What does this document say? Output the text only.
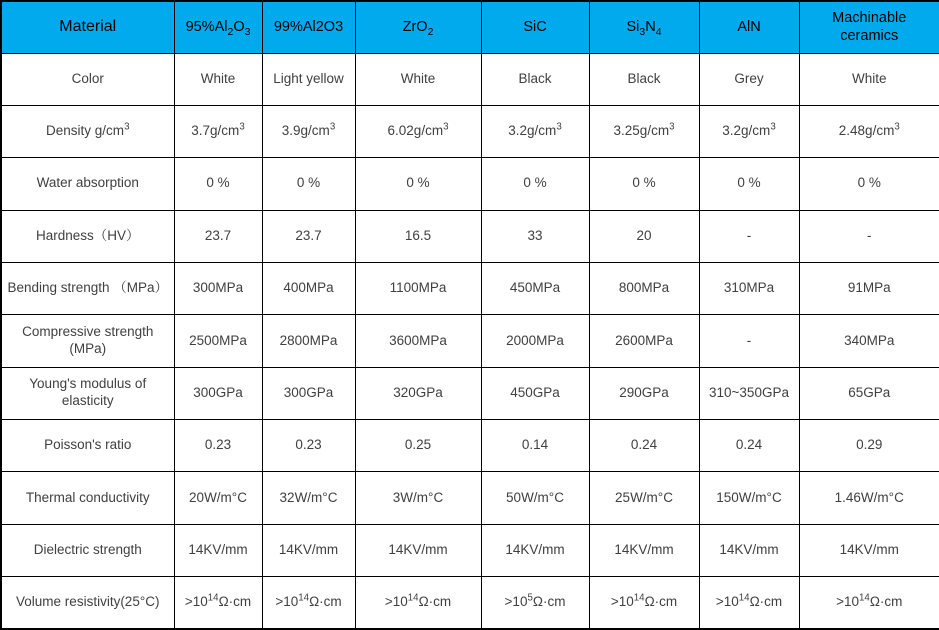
Material	$95\%Al_2O_3$	99%Al2O3	ZrO$_2$	SiC	$Si_3N_4$	AlN	Machinable ceramics
Color	White	Light yellow	White	Black	Black	Grey	White
Density $g/cm^3$	$3.7g/cm^3$	$3.9g/cm^3$	$6.02g/cm^3$	$3.2g/cm^3$	$3.25g/cm^3$	$3.2g/cm^3$	$2.48g/cm^3$
Water absorption	0 %	0 %	0 %	0 %	0 %	0 %	0 %
Hardness（HV）	23.7	23.7	16.5	33	20	-	-
Bending strength （MPa）	300MPa	400MPa	1100MPa	450MPa	800MPa	310MPa	91MPa
Compressive strength (MPa)	2500MPa	2800MPa	3600MPa	2000MPa	2600MPa	-	340MPa
Young's modulus of elasticity	300GPa	300GPa	320GPa	450GPa	290GPa	310~350GPa	65GPa
Poisson's ratio	0.23	0.23	0.25	0.14	0.24	0.24	0.29
Thermal conductivity	20W/m°C	32W/m°C	3W/m°C	50W/m°C	25W/m°C	150W/m°C	1.46W/m°C
Dielectric strength	14KV/mm	14KV/mm	14KV/mm	14KV/mm	14KV/mm	14KV/mm	14KV/mm
Volume resistivity(25°C)	$>10^{14}\Omega\cdot cm$	$>10^{14}\Omega\cdot cm$	$>10^{14}\Omega\cdot cm$	$>10^5\Omega\cdot cm$	$>10^{14}\Omega\cdot cm$	$>10^{14}\Omega\cdot cm$	$>10^{14}\Omega\cdot cm$
